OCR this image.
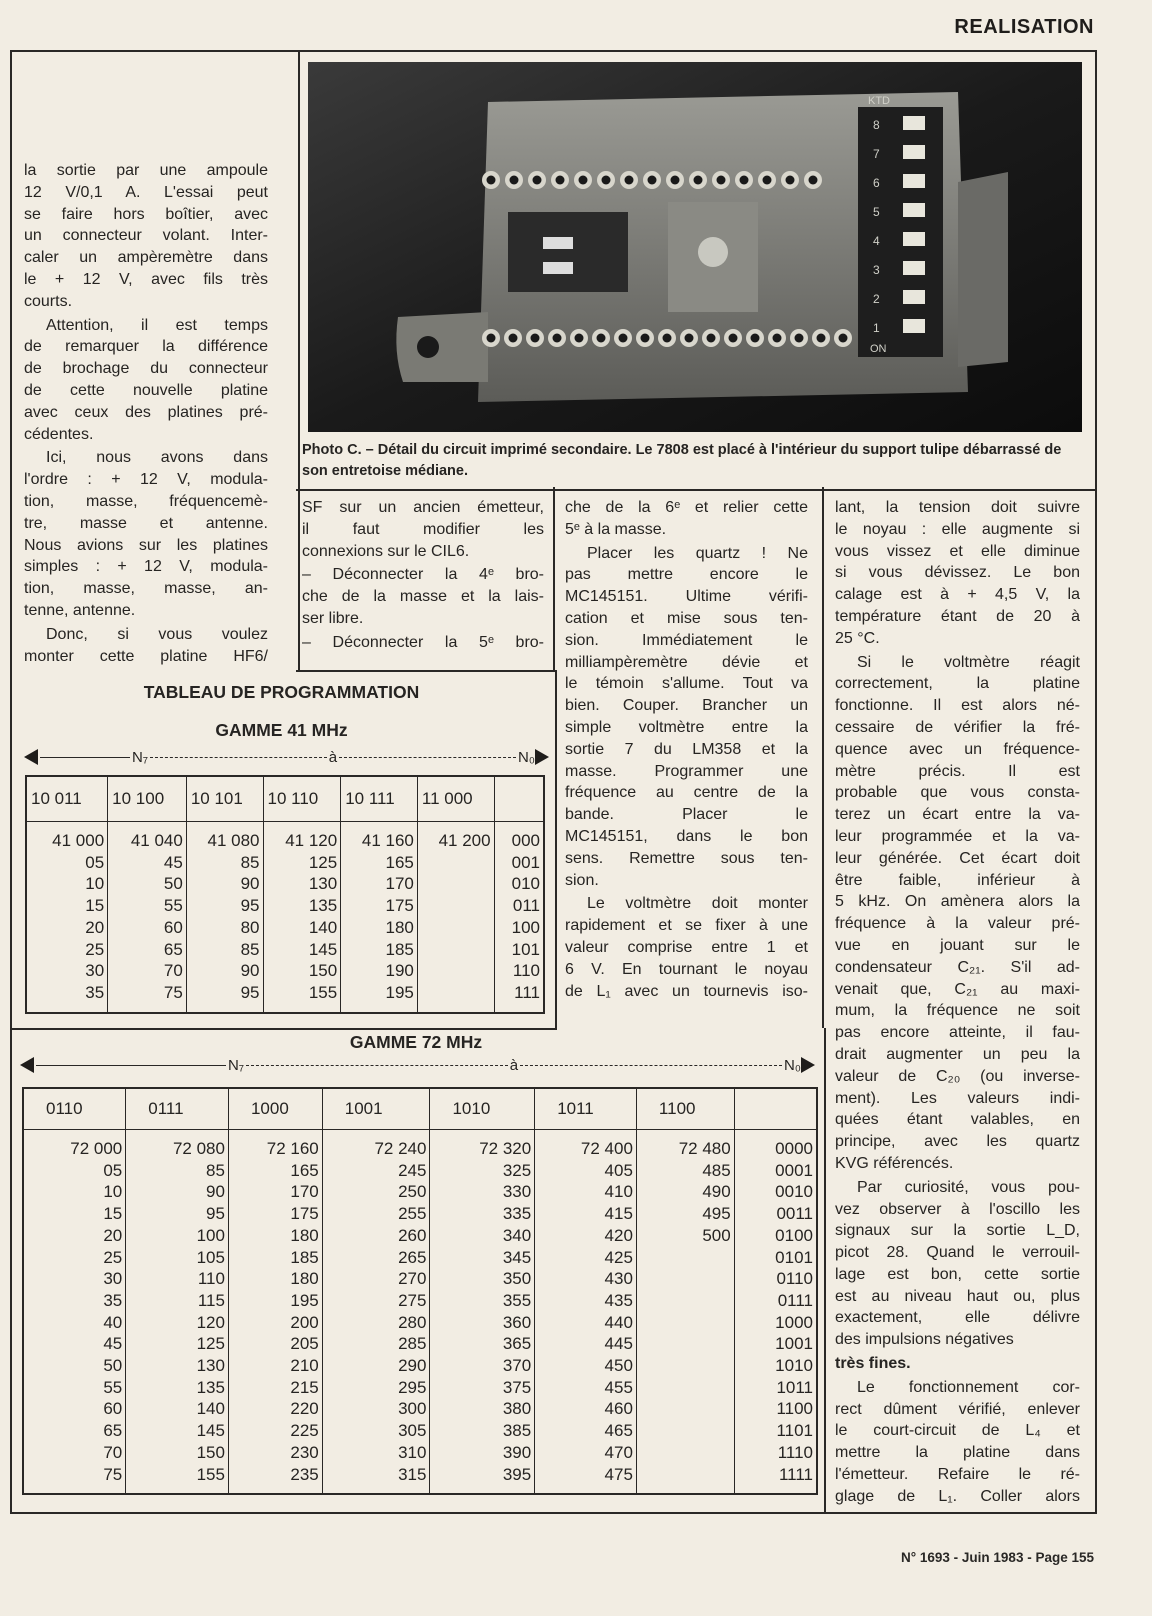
REALISATION
1
2
3
4
5
6
7
8
ON
KTD
Photo C. – Détail du circuit imprimé secondaire. Le 7808 est placé à l'intérieur du support tulipe débarrassé de son entretoise médiane.
la sortie par une ampoule
12 V/0,1 A. L'essai peut
se faire hors boîtier, avec
un connecteur volant. Inter-
caler un ampèremètre dans
le + 12 V, avec fils très
courts.
Attention, il est temps
de remarquer la différence
de brochage du connecteur
de cette nouvelle platine
avec ceux des platines pré-
cédentes.
Ici, nous avons dans
l'ordre : + 12 V, modula-
tion, masse, fréquencemè-
tre, masse et antenne.
Nous avions sur les platines
simples : + 12 V, modula-
tion, masse, masse, an-
tenne, antenne.
Donc, si vous voulez
monter cette platine HF6/
SF sur un ancien émetteur,
il faut modifier les
connexions sur le CIL6.
– Déconnecter la 4ᵉ bro-
che de la masse et la lais-
ser libre.
– Déconnecter la 5ᵉ bro-
che de la 6ᵉ et relier cette
5ᵉ à la masse.
Placer les quartz ! Ne
pas mettre encore le
MC145151. Ultime vérifi-
cation et mise sous ten-
sion. Immédiatement le
milliampèremètre dévie et
le témoin s'allume. Tout va
bien. Couper. Brancher un
simple voltmètre entre la
sortie 7 du LM358 et la
masse. Programmer une
fréquence au centre de la
bande. Placer le
MC145151, dans le bon
sens. Remettre sous ten-
sion.
Le voltmètre doit monter
rapidement et se fixer à une
valeur comprise entre 1 et
6 V. En tournant le noyau
de L₁ avec un tournevis iso-
lant, la tension doit suivre
le noyau : elle augmente si
vous vissez et elle diminue
si vous dévissez. Le bon
calage est à + 4,5 V, la
température étant de 20 à
25 °C.
Si le voltmètre réagit
correctement, la platine
fonctionne. Il est alors né-
cessaire de vérifier la fré-
quence avec un fréquence-
mètre précis. Il est
probable que vous consta-
terez un écart entre la va-
leur programmée et la va-
leur générée. Cet écart doit
être faible, inférieur à
5 kHz. On amènera alors la
fréquence à la valeur pré-
vue en jouant sur le
condensateur C₂₁. S'il ad-
venait que, C₂₁ au maxi-
mum, la fréquence ne soit
pas encore atteinte, il fau-
drait augmenter un peu la
valeur de C₂₀ (ou inverse-
ment). Les valeurs indi-
quées étant valables, en
principe, avec les quartz
KVG référencés.
Par curiosité, vous pou-
vez observer à l'oscillo les
signaux sur la sortie L_D,
picot 28. Quand le verrouil-
lage est bon, cette sortie
est au niveau haut ou, plus
exactement, elle délivre
des impulsions négatives
très fines.
Le fonctionnement cor-
rect dûment vérifié, enlever
le court-circuit de L₄ et
mettre la platine dans
l'émetteur. Refaire le ré-
glage de L₁. Coller alors
TABLEAU DE PROGRAMMATION
GAMME 41 MHz
N₇	à	N₀
10 011	10 100	10 101	10 110	10 111	11 000	

41 000	41 040	41 080	41 120	41 160	41 200	000
05	45	85	125	165		001
10	50	90	130	170		010
15	55	95	135	175		011
20	60	80	140	180		100
25	65	85	145	185		101
30	70	90	150	190		110
35	75	95	155	195		111

GAMME 72 MHz
N₇	à	N₀
0110	0111	1000	1001	1010	1011	1100	

72 000	72 080	72 160	72 240	72 320	72 400	72 480	0000
05	85	165	245	325	405	485	0001
10	90	170	250	330	410	490	0010
15	95	175	255	335	415	495	0011
20	100	180	260	340	420	500	0100
25	105	185	265	345	425		0101
30	110	180	270	350	430		0110
35	115	195	275	355	435		0111
40	120	200	280	360	440		1000
45	125	205	285	365	445		1001
50	130	210	290	370	450		1010
55	135	215	295	375	455		1011
60	140	220	300	380	460		1100
65	145	225	305	385	465		1101
70	150	230	310	390	470		1110
75	155	235	315	395	475		1111

N° 1693 - Juin 1983 - Page 155
